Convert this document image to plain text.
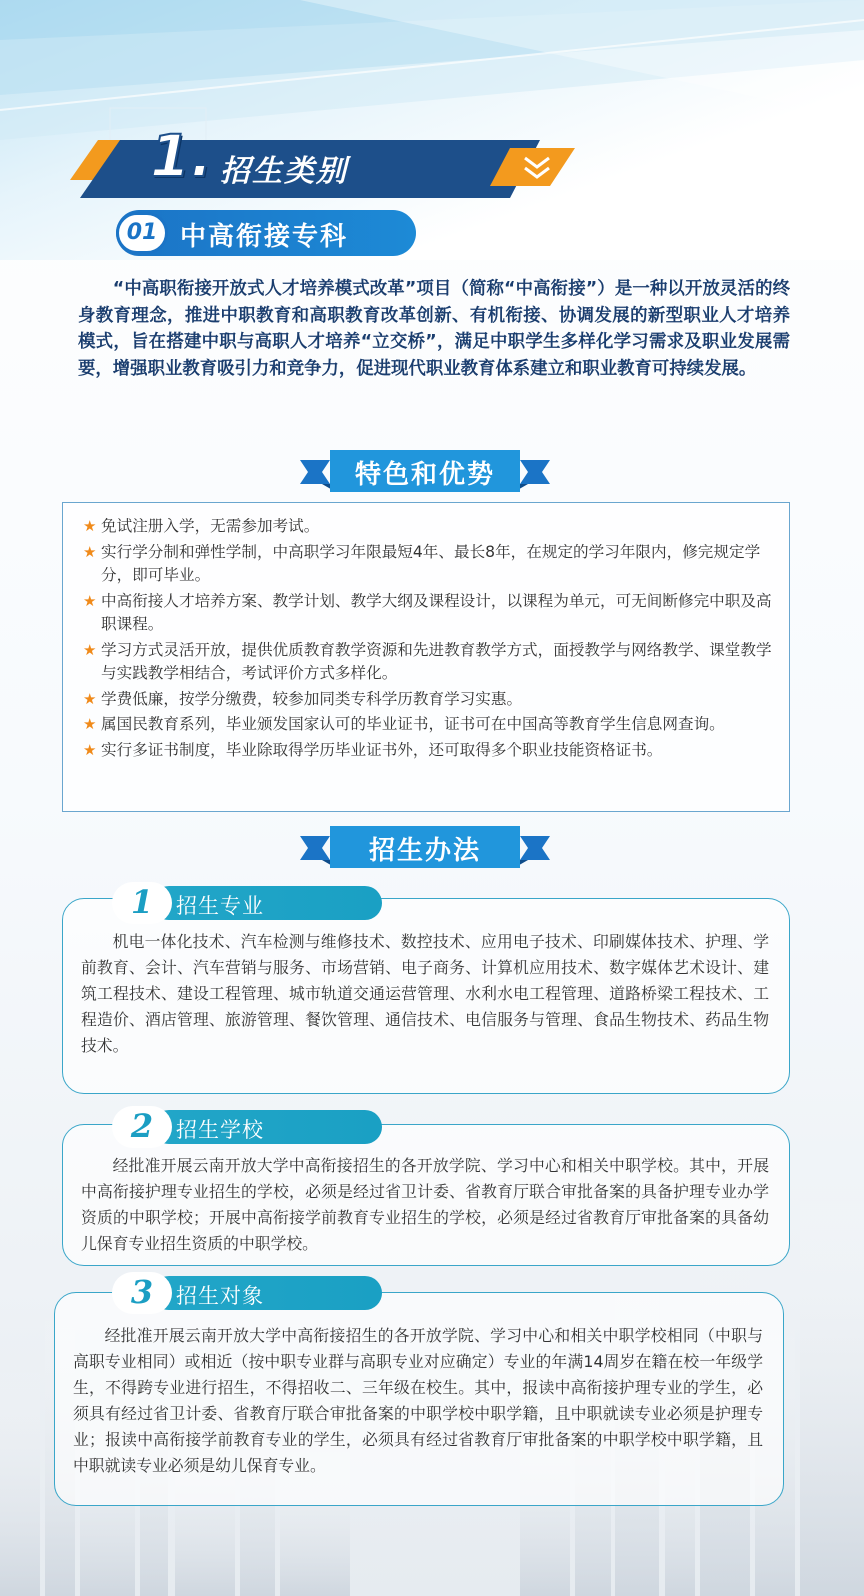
1. 招生类别
01 中高衔接专科

“中高职衔接开放式人才培养模式改革”项目（简称“中高衔接”）是一种以开放灵活的终身教育理念，推进中职教育和高职教育改革创新、有机衔接、协调发展的新型职业人才培养模式，旨在搭建中职与高职人才培养“立交桥”，满足中职学生多样化学习需求及职业发展需要，增强职业教育吸引力和竞争力，促进现代职业教育体系建立和职业教育可持续发展。

特色和优势
★ 免试注册入学，无需参加考试。
★ 实行学分制和弹性学制，中高职学习年限最短4年、最长8年，在规定的学习年限内，修完规定学分，即可毕业。
★ 中高衔接人才培养方案、教学计划、教学大纲及课程设计，以课程为单元，可无间断修完中职及高职课程。
★ 学习方式灵活开放，提供优质教育教学资源和先进教育教学方式，面授教学与网络教学、课堂教学与实践教学相结合，考试评价方式多样化。
★ 学费低廉，按学分缴费，较参加同类专科学历教育学习实惠。
★ 属国民教育系列，毕业颁发国家认可的毕业证书，证书可在中国高等教育学生信息网查询。
★ 实行多证书制度，毕业除取得学历毕业证书外，还可取得多个职业技能资格证书。
招生办法

机电一体化技术、汽车检测与维修技术、数控技术、应用电子技术、印刷媒体技术、护理、学前教育、会计、汽车营销与服务、市场营销、电子商务、计算机应用技术、数字媒体艺术设计、建筑工程技术、建设工程管理、城市轨道交通运营管理、水利水电工程管理、道路桥梁工程技术、工程造价、酒店管理、旅游管理、餐饮管理、通信技术、电信服务与管理、食品生物技术、药品生物技术。

1	招生专业

经批准开展云南开放大学中高衔接招生的各开放学院、学习中心和相关中职学校。其中，开展中高衔接护理专业招生的学校，必须是经过省卫计委、省教育厅联合审批备案的具备护理专业办学资质的中职学校；开展中高衔接学前教育专业招生的学校，必须是经过省教育厅审批备案的具备幼儿保育专业招生资质的中职学校。

2	招生学校

经批准开展云南开放大学中高衔接招生的各开放学院、学习中心和相关中职学校相同（中职与高职专业相同）或相近（按中职专业群与高职专业对应确定）专业的年满14周岁在籍在校一年级学生，不得跨专业进行招生，不得招收二、三年级在校生。其中，报读中高衔接护理专业的学生，必须具有经过省卫计委、省教育厅联合审批备案的中职学校中职学籍，且中职就读专业必须是护理专业；报读中高衔接学前教育专业的学生，必须具有经过省教育厅审批备案的中职学校中职学籍，且中职就读专业必须是幼儿保育专业。

3	招生对象
